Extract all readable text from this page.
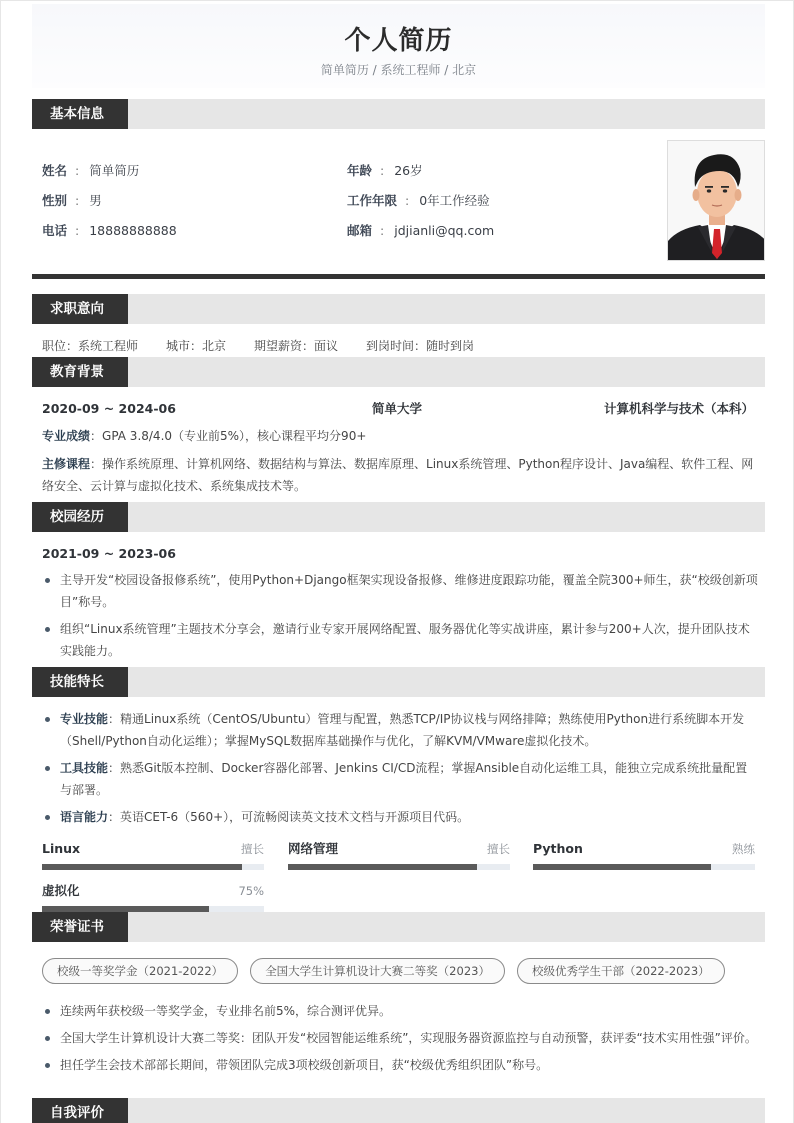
个人简历
简单简历 / 系统工程师 / 北京
基本信息
姓名 : 简单简历
性别 : 男
电话 : 18888888888
年龄 : 26岁
工作年限 : 0年工作经验
邮箱 : jdjianli@qq.com
求职意向
职位：系统工程师 城市：北京 期望薪资：面议 到岗时间：随时到岗
教育背景
2020-09 ~ 2024-06	简单大学	计算机科学与技术（本科）
专业成绩：GPA 3.8/4.0（专业前5%），核心课程平均分90+
主修课程：操作系统原理、计算机网络、数据结构与算法、数据库原理、Linux系统管理、Python程序设计、Java编程、软件工程、网络安全、云计算与虚拟化技术、系统集成技术等。
校园经历
2021-09 ~ 2023-06
主导开发“校园设备报修系统”，使用Python+Django框架实现设备报修、维修进度跟踪功能，覆盖全院300+师生，获“校级创新项目”称号。
组织“Linux系统管理”主题技术分享会，邀请行业专家开展网络配置、服务器优化等实战讲座，累计参与200+人次，提升团队技术实践能力。
技能特长
专业技能：精通Linux系统（CentOS/Ubuntu）管理与配置，熟悉TCP/IP协议栈与网络排障；熟练使用Python进行系统脚本开发（Shell/Python自动化运维）；掌握MySQL数据库基础操作与优化，了解KVM/VMware虚拟化技术。
工具技能：熟悉Git版本控制、Docker容器化部署、Jenkins CI/CD流程；掌握Ansible自动化运维工具，能独立完成系统批量配置与部署。
语言能力：英语CET-6（560+），可流畅阅读英文技术文档与开源项目代码。
Linux	擅长 网络管理	擅长 Python	熟练
虚拟化	75%
荣誉证书
校级一等奖学金（2021-2022）	全国大学生计算机设计大赛二等奖（2023）	校级优秀学生干部（2022-2023）
连续两年获校级一等奖学金，专业排名前5%，综合测评优异。
全国大学生计算机设计大赛二等奖：团队开发“校园智能运维系统”，实现服务器资源监控与自动预警，获评委“技术实用性强”评价。
担任学生会技术部部长期间，带领团队完成3项校级创新项目，获“校级优秀组织团队”称号。
自我评价
